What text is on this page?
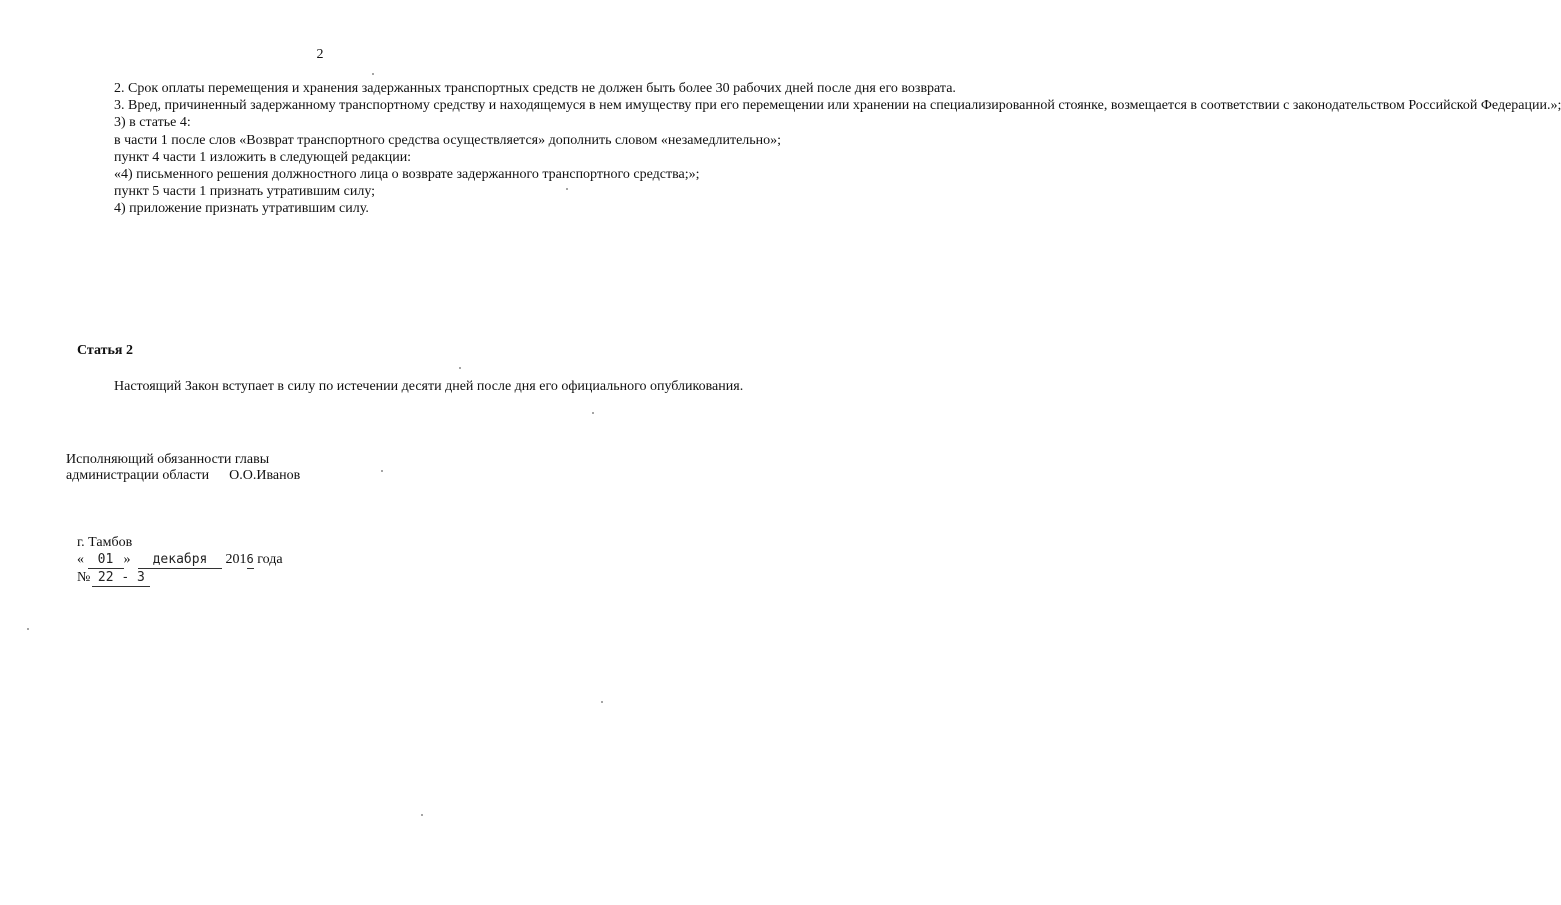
2

2. Срок оплаты перемещения и хранения задержанных транспортных средств не должен быть более 30 рабочих дней после дня его возврата.

3. Вред, причиненный задержанному транспортному средству и находящемуся в нем имуществу при его перемещении или хранении на специализированной стоянке, возмещается в соответствии с законодательством Российской Федерации.»;

3) в статье 4:

в части 1 после слов «Возврат транспортного средства осуществляется» дополнить словом «незамедлительно»;

пункт 4 части 1 изложить в следующей редакции:

«4) письменного решения должностного лица о возврате задержанного транспортного средства;»;

пункт 5 части 1 признать утратившим силу;

4) приложение признать утратившим силу.

Статья 2

Настоящий Закон вступает в силу по истечении десяти дней после дня его официального опубликования.

Исполняющий обязанности главы
администрации области О.О.Иванов
г. Тамбов
« 01 » декабря 2016 года
№ 22 - 3
